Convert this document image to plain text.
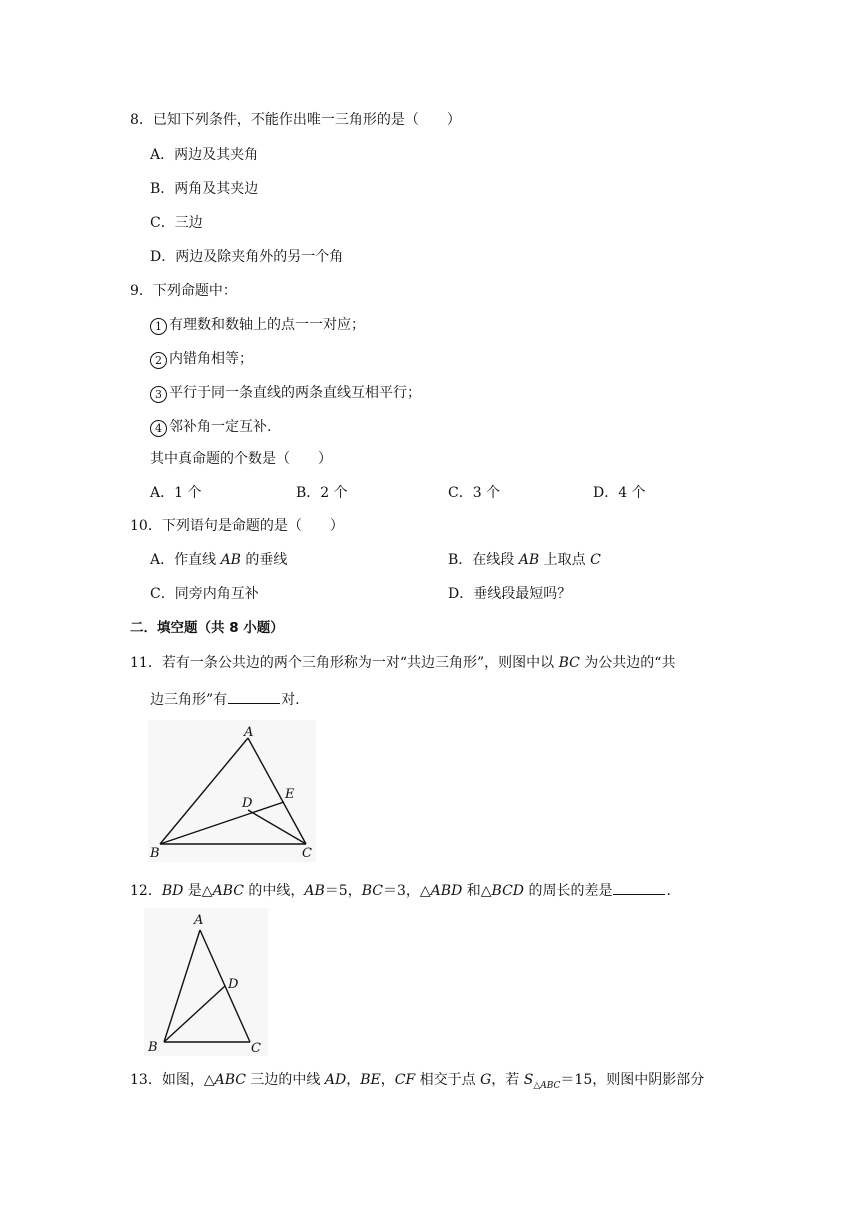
8．已知下列条件，不能作出唯一三角形的是（　　）
A．两边及其夹角
B．两角及其夹边
C．三边
D．两边及除夹角外的另一个角
9．下列命题中：
1 有理数和数轴上的点一一对应；
2 内错角相等；
3 平行于同一条直线的两条直线互相平行；
4 邻补角一定互补.
其中真命题的个数是（　　）
A．1 个	B．2 个	C．3 个	D．4 个
10．下列语句是命题的是（　　）
A．作直线 AB 的垂线	B．在线段 AB 上取点 C
C．同旁内角互补	D．垂线段最短吗？
二．填空题（共 8 小题）
11．若有一条公共边的两个三角形称为一对“共边三角形”，则图中以 BC 为公共边的“共
边三角形”有	对.
A
B	C
D
E
12．BD 是△ABC 的中线，AB＝5，BC＝3，△ABD 和△BCD 的周长的差是	.
A
B	C
D
13．如图，△ABC 三边的中线 AD，BE，CF 相交于点 G，若 $S_{\triangle ABC}=15$，则图中阴影部分
